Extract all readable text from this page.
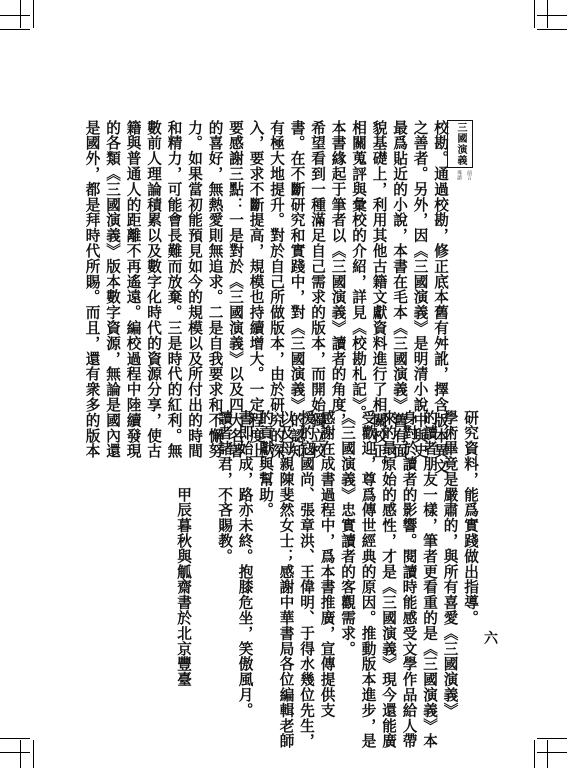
三國演義
前言導讀
研究資料，能爲實踐做出指導。
學術畢竟是嚴肅的，與所有喜愛《三國演義》
的讀者朋友一樣，筆者更看重的是《三國演義》本
身對於讀者的影響。閱讀時能感受文學作品給人帶
來的最原始的感性，才是《三國演義》現今還能廣
受歡迎，尊爲傳世經典的原因。推動版本進步，是
《三國演義》忠實讀者的客觀需求。
感謝在成書過程中，爲本書推廣，宣傳提供支
援的寇國尚、張章洪、王偉明、于得水幾位先生，
以及母親陳斐然女士；感謝中華書局各位編輯老師
的貢獻與幫助。
書即始成，路亦未終。抱膝危坐，笑傲風月。
讀者諸君，不吝賜教。
　　　　　甲辰暮秋與觚齋書於北京豐臺
校勘。通過校勘，修正底本舊有舛訛，擇含版本異文
之善者。另外，因《三國演義》是明清小說中與史
最爲貼近的小說，本書在毛本《三國演義》舊有面
貌基礎上，利用其他古籍文獻資料進行了相關校正。
相關蒐評與彙校的介紹，詳見《校勘札記》。
本書緣起于筆者以《三國演義》讀者的角度，
希望看到一種滿足自己需求的版本，而開始獨立校
書。在不斷研究和實踐中，對《三國演義》的認知
有極大地提升。對於自己所做版本，由於研究的深
入，要求不斷提高，規模也持續增大。一定程度上，
要感謝三點：一是對於《三國演義》以及四大名著
的喜好，無熱愛則無追求。二是自我要求和不懈努
力。如果當初能預見如今的規模以及所付出的時間
和精力，可能會長難而放棄。三是時代的紅利。無
數前人理論積累以及數字化時代的資源分享，使古
籍與普通人的距離不再遙遠。編校過程中陸續發現
的各類《三國演義》版本數字資源，無論是國內還
是國外，都是拜時代所賜。而且，還有衆多的版本
六
